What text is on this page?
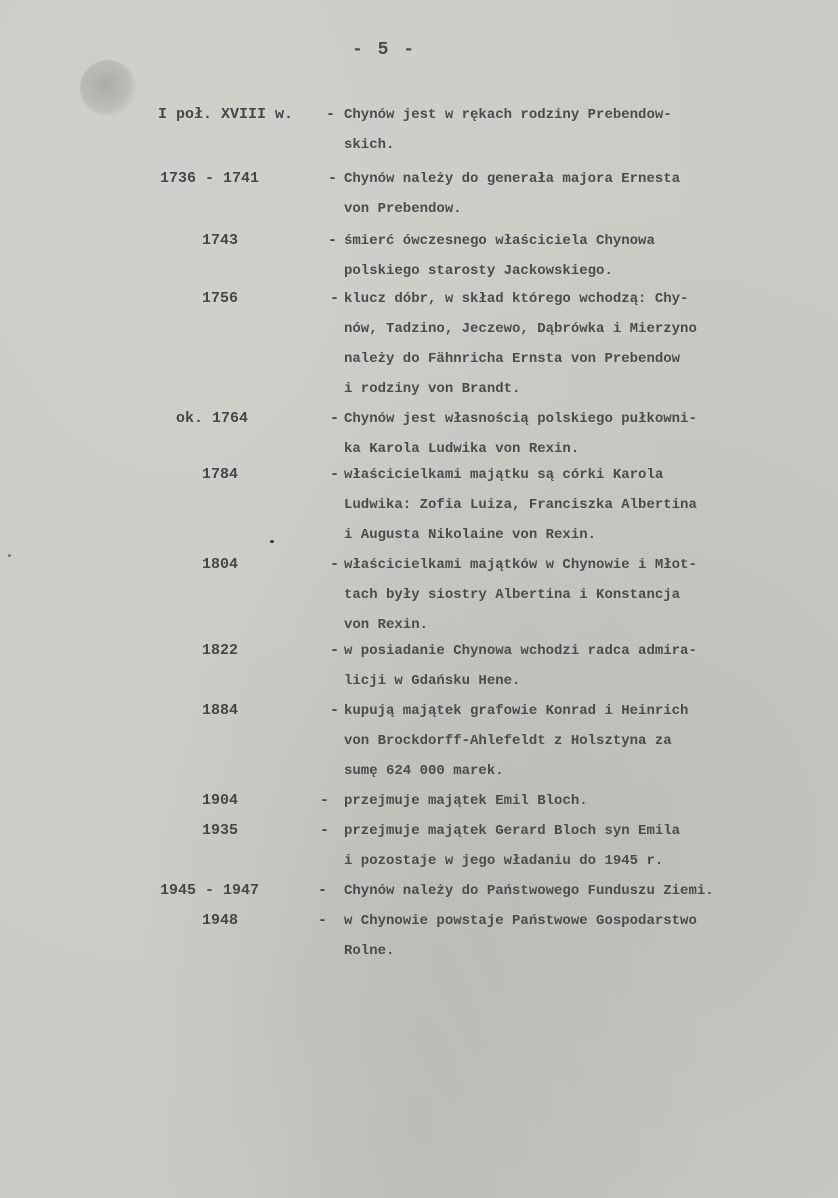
- 5 -
I poł. XVIII w. - Chynów jest w rękach rodziny Prebendow-
skich.
1736 - 1741	- Chynów należy do generała majora Ernesta
von Prebendow.
1743	- śmierć ówczesnego właściciela Chynowa
polskiego starosty Jackowskiego.
1756	- klucz dóbr, w skład którego wchodzą: Chy-
nów, Tadzino, Jeczewo, Dąbrówka i Mierzyno
należy do Fähnricha Ernsta von Prebendow
i rodziny von Brandt.
ok. 1764	- Chynów jest własnością polskiego pułkowni-
ka Karola Ludwika von Rexin.
1784	- właścicielkami majątku są córki Karola
Ludwika: Zofia Luiza, Franciszka Albertina
i Augusta Nikolaine von Rexin.
1804	- właścicielkami majątków w Chynowie i Młot-
tach były siostry Albertina i Konstancja
von Rexin.
1822	- w posiadanie Chynowa wchodzi radca admira-
licji w Gdańsku Hene.
1884	- kupują majątek grafowie Konrad i Heinrich
von Brockdorff-Ahlefeldt z Holsztyna za
sumę 624 000 marek.
1904	- przejmuje majątek Emil Bloch.
1935	- przejmuje majątek Gerard Bloch syn Emila
i pozostaje w jego władaniu do 1945 r.
1945 - 1947	- Chynów należy do Państwowego Funduszu Ziemi.
1948	- w Chynowie powstaje Państwowe Gospodarstwo
Rolne.
